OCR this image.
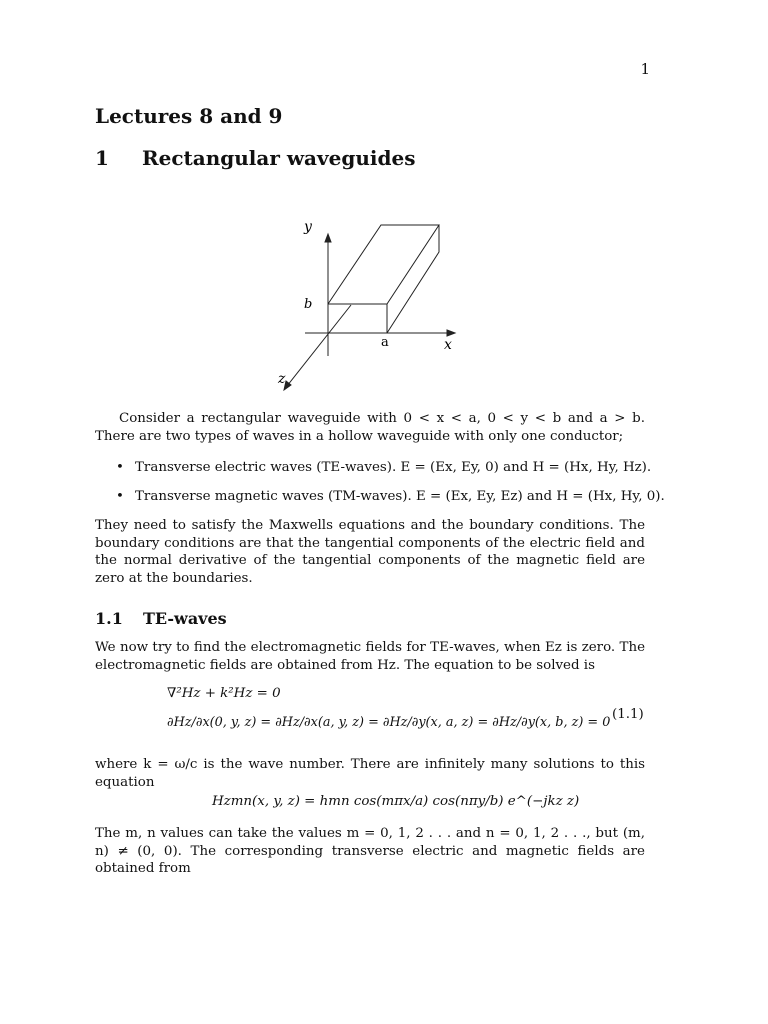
1
Lectures 8 and 9
1 Rectangular waveguides
y
b
a	x
z
Consider a rectangular waveguide with 0 < x < a, 0 < y < b and a > b. There are two types of waves in a hollow waveguide with only one conductor;
• Transverse electric waves (TE-waves). E = (Ex, Ey, 0) and H = (Hx, Hy, Hz).
• Transverse magnetic waves (TM-waves). E = (Ex, Ey, Ez) and H = (Hx, Hy, 0).
They need to satisfy the Maxwells equations and the boundary conditions. The boundary conditions are that the tangential components of the electric field and the normal derivative of the tangential components of the magnetic field are zero at the boundaries.
1.1 TE-waves
We now try to find the electromagnetic fields for TE-waves, when Ez is zero. The electromagnetic fields are obtained from Hz. The equation to be solved is
∇²Hz + k²Hz = 0
∂Hz/∂x(0, y, z) = ∂Hz/∂x(a, y, z) = ∂Hz/∂y(x, a, z) = ∂Hz/∂y(x, b, z) = 0
(1.1)
where k = ω/c is the wave number. There are infinitely many solutions to this equation
Hzmn(x, y, z) = hmn cos(mπx/a) cos(nπy/b) e^(−jkz z)
The m, n values can take the values m = 0, 1, 2 . . . and n = 0, 1, 2 . . ., but (m, n) ≠ (0, 0). The corresponding transverse electric and magnetic fields are obtained from
